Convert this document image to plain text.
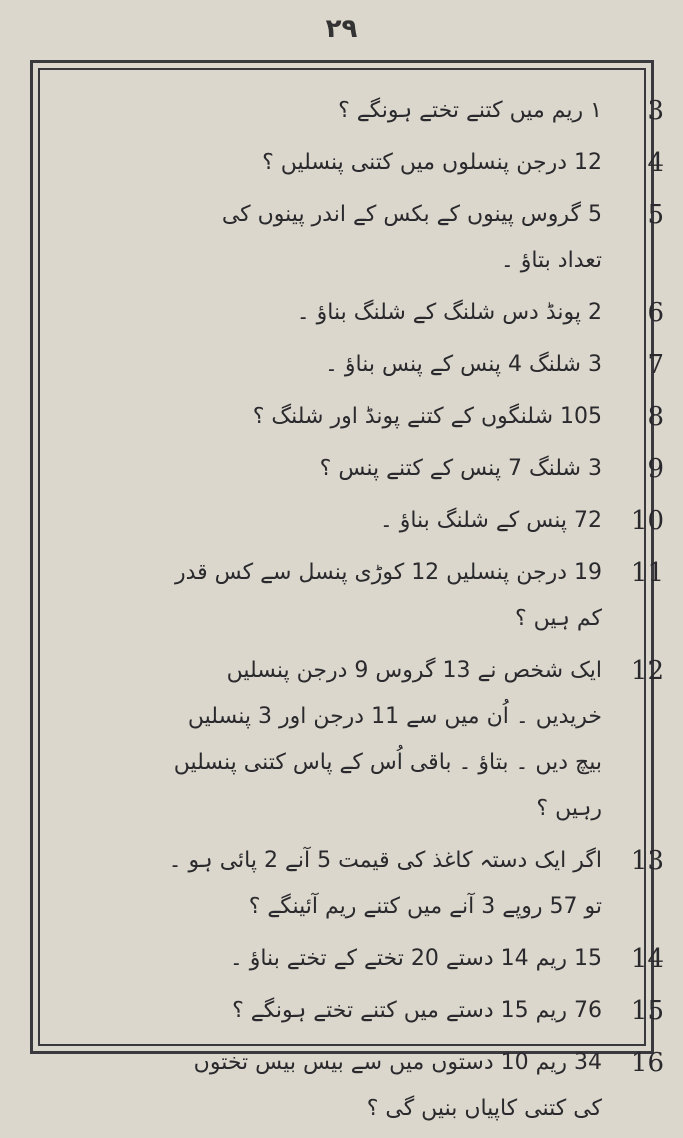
۲۹
3
۱ ریم میں کتنے تختے ہونگے ؟
4
12 درجن پنسلوں میں کتنی پنسلیں ؟
5
5 گروس پینوں کے بکس کے اندر پینوں کی
تعداد بتاؤ ۔
6
2 پونڈ دس شلنگ کے شلنگ بناؤ ۔
7
3 شلنگ 4 پنس کے پنس بناؤ ۔
8
105 شلنگوں کے کتنے پونڈ اور شلنگ ؟
9
3 شلنگ 7 پنس کے کتنے پنس ؟
10
72 پنس کے شلنگ بناؤ ۔
11
19 درجن پنسلیں 12 کوڑی پنسل سے کس قدر
کم ہیں ؟
12
ایک شخص نے 13 گروس 9 درجن پنسلیں
خریدیں ۔ اُن میں سے 11 درجن اور 3 پنسلیں
بیچ دیں ۔ بتاؤ ۔ باقی اُس کے پاس کتنی پنسلیں
رہیں ؟
13
اگر ایک دستہ کاغذ کی قیمت 5 آنے 2 پائی ہو ۔
تو 57 روپے 3 آنے میں کتنے ریم آئینگے ؟
14
15 ریم 14 دستے 20 تختے کے تختے بناؤ ۔
15
76 ریم 15 دستے میں کتنے تختے ہونگے ؟
16
34 ریم 10 دستوں میں سے بیس بیس تختوں
کی کتنی کاپیاں بنیں گی ؟
